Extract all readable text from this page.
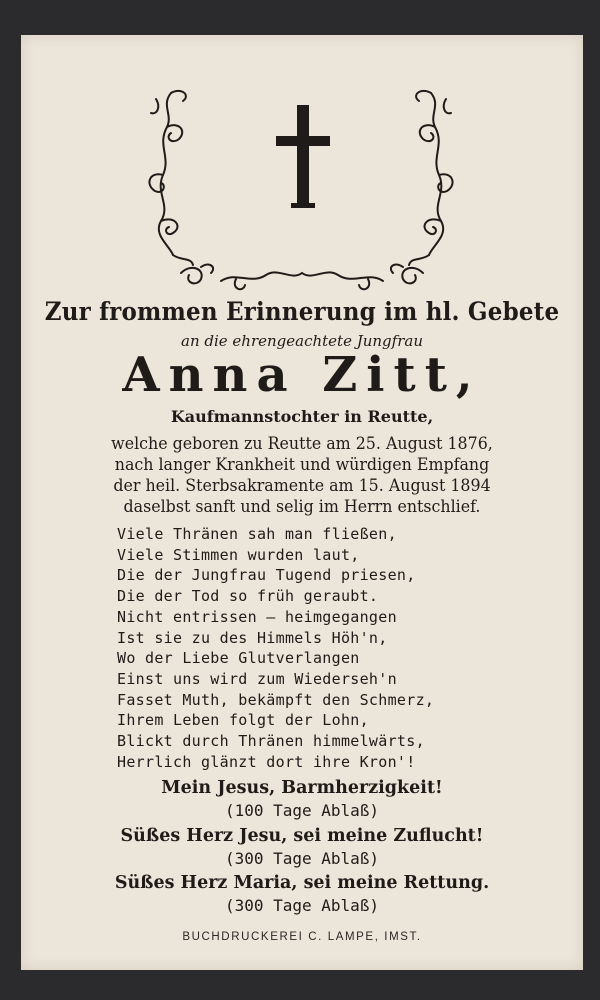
Zur frommen Erinnerung im hl. Gebete
an die ehrengeachtete Jungfrau
Anna Zitt,
Kaufmannstochter in Reutte,
welche geboren zu Reutte am 25. August 1876,
nach langer Krankheit und würdigen Empfang
der heil. Sterbsakramente am 15. August 1894
daselbst sanft und selig im Herrn entschlief.
Viele Thränen sah man fließen,
Viele Stimmen wurden laut,
Die der Jungfrau Tugend priesen,
Die der Tod so früh geraubt.
Nicht entrissen — heimgegangen
Ist sie zu des Himmels Höh'n,
Wo der Liebe Glutverlangen
Einst uns wird zum Wiederseh'n
Fasset Muth, bekämpft den Schmerz,
Ihrem Leben folgt der Lohn,
Blickt durch Thränen himmelwärts,
Herrlich glänzt dort ihre Kron'!
Mein Jesus, Barmherzigkeit!
(100 Tage Ablaß)
Süßes Herz Jesu, sei meine Zuflucht!
(300 Tage Ablaß)
Süßes Herz Maria, sei meine Rettung.
(300 Tage Ablaß)
BUCHDRUCKEREI C. LAMPE, IMST.
